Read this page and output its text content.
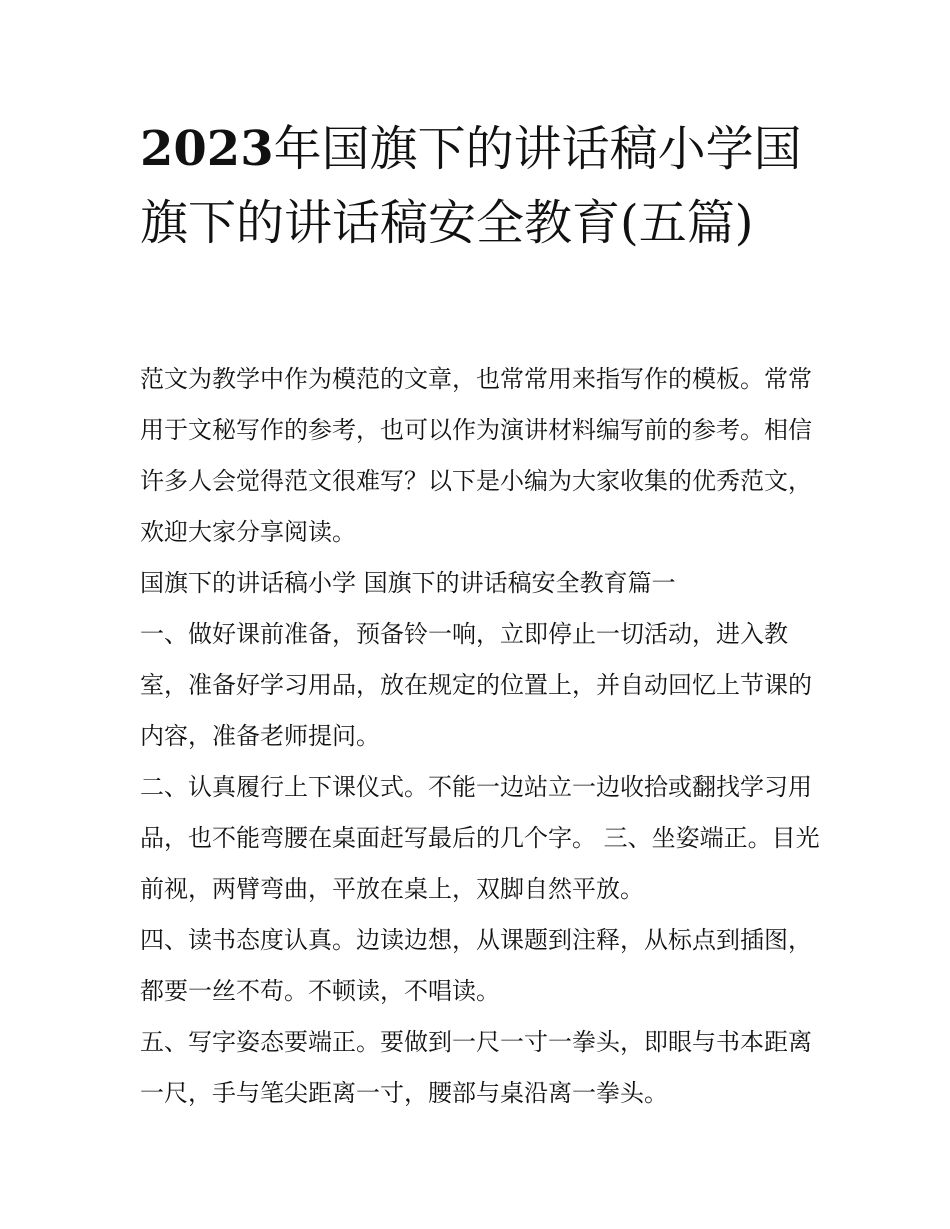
2023年国旗下的讲话稿小学国旗下的讲话稿安全教育(五篇)

范文为教学中作为模范的文章，也常常用来指写作的模板。常常用于文秘写作的参考，也可以作为演讲材料编写前的参考。相信许多人会觉得范文很难写？以下是小编为大家收集的优秀范文，欢迎大家分享阅读。

国旗下的讲话稿小学 国旗下的讲话稿安全教育篇一

一、做好课前准备，预备铃一响，立即停止一切活动，进入教室，准备好学习用品，放在规定的位置上，并自动回忆上节课的内容，准备老师提问。

二、认真履行上下课仪式。不能一边站立一边收拾或翻找学习用品，也不能弯腰在桌面赶写最后的几个字。 三、坐姿端正。目光前视，两臂弯曲，平放在桌上，双脚自然平放。

四、读书态度认真。边读边想，从课题到注释，从标点到插图，都要一丝不苟。不顿读，不唱读。

五、写字姿态要端正。要做到一尺一寸一拳头，即眼与书本距离一尺，手与笔尖距离一寸，腰部与桌沿离一拳头。
